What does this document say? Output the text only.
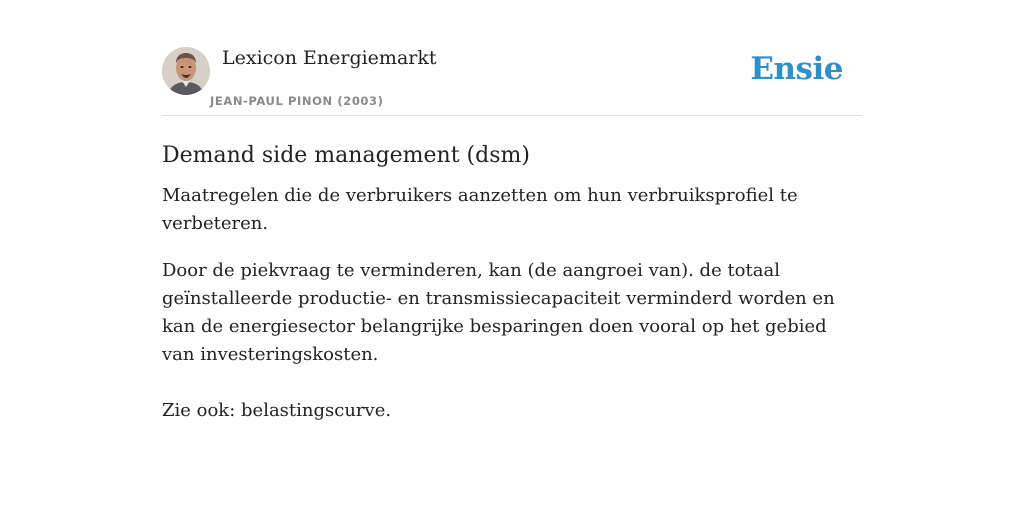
Lexicon Energiemarkt
JEAN-PAUL PINON (2003)
Ensie
Demand side management (dsm)

Maatregelen die de verbruikers aanzetten om hun verbruiksprofiel te verbeteren.

Door de piekvraag te verminderen, kan (de aangroei van). de totaal geïnstalleerde productie- en transmissiecapaciteit verminderd worden en kan de energiesector belangrijke besparingen doen vooral op het gebied van investeringskosten.

Zie ook: belastingscurve.
